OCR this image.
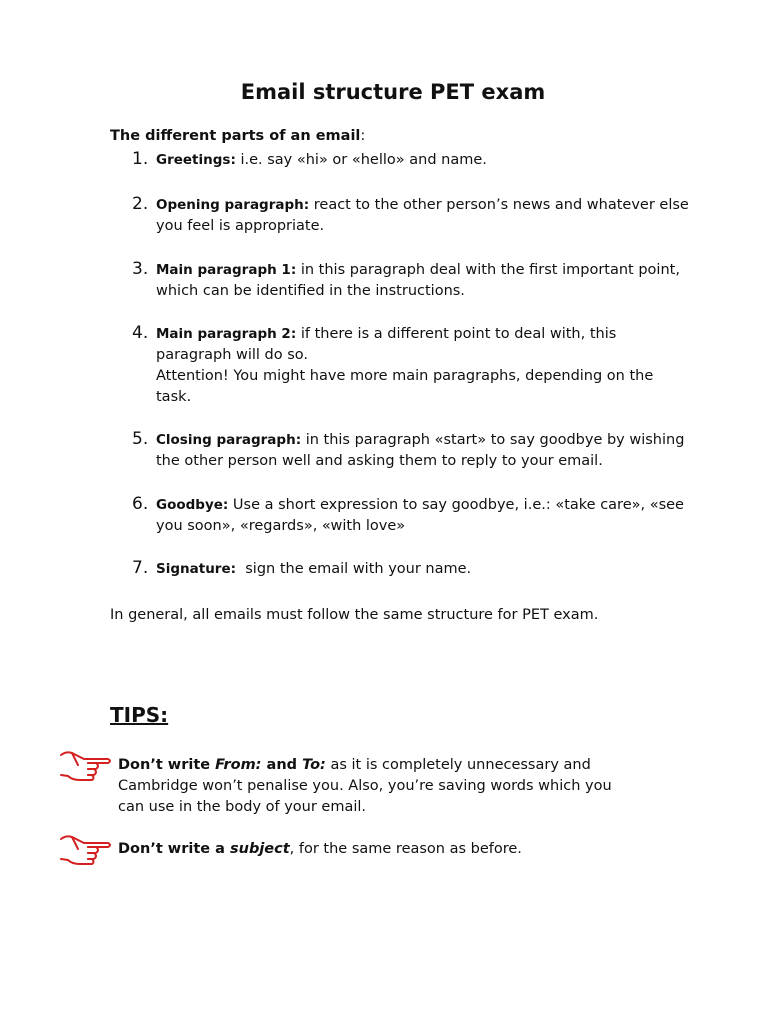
Email structure PET exam

The different parts of an email:

1. Greetings: i.e. say «hi» or «hello» and name.
2. Opening paragraph: react to the other person’s news and whatever else you feel is appropriate.
3. Main paragraph 1: in this paragraph deal with the first important point, which can be identified in the instructions.
4. Main paragraph 2: if there is a different point to deal with, this paragraph will do so.
Attention! You might have more main paragraphs, depending on the task.
5. Closing paragraph: in this paragraph «start» to say goodbye by wishing the other person well and asking them to reply to your email.
6. Goodbye: Use a short expression to say goodbye, i.e.: «take care», «see you soon», «regards», «with love»
7. Signature:  sign the email with your name.

In general, all emails must follow the same structure for PET exam.

TIPS:
Don’t write From: and To: as it is completely unnecessary and Cambridge won’t penalise you. Also, you’re saving words which you can use in the body of your email.
Don’t write a subject, for the same reason as before.
